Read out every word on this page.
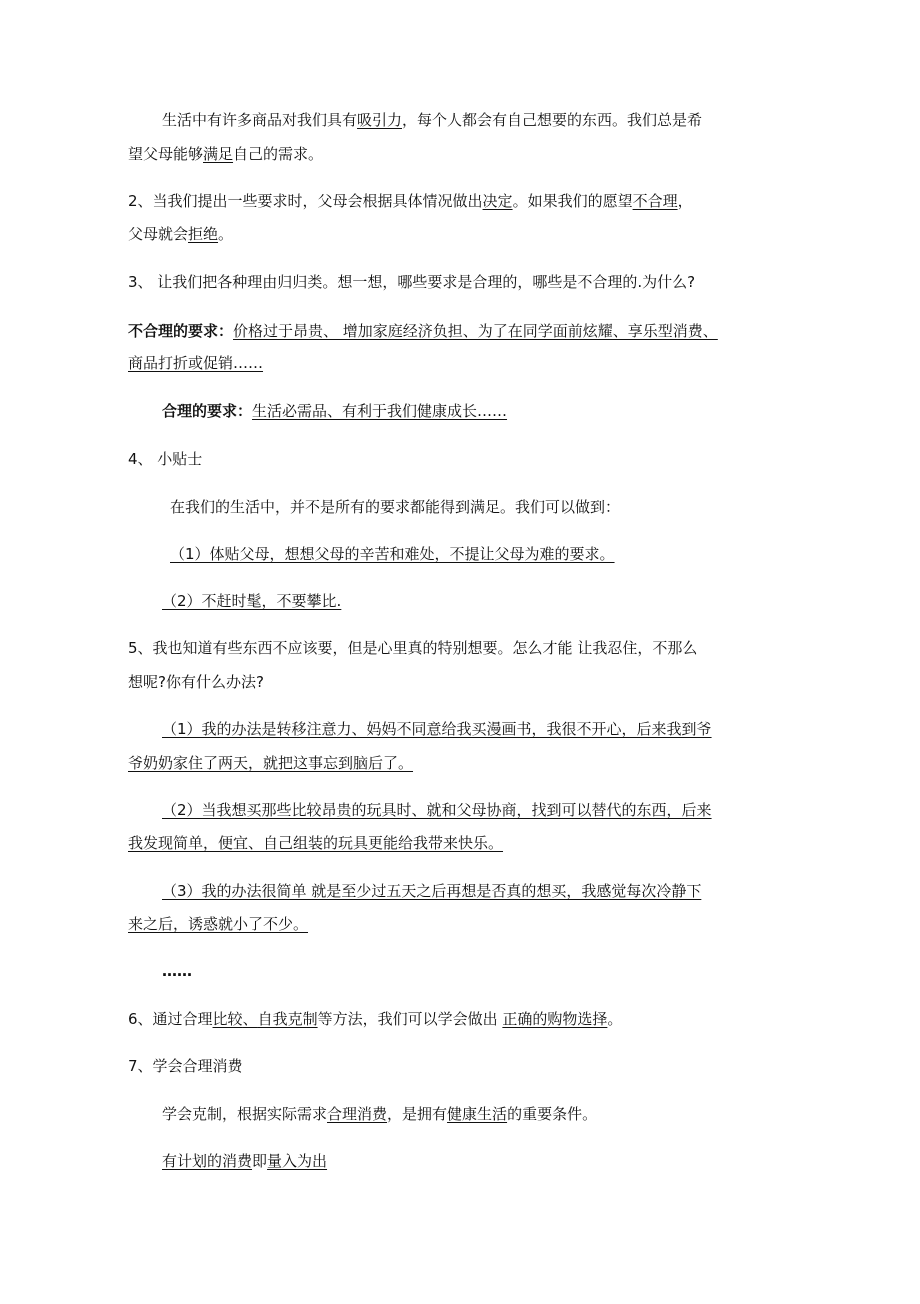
生活中有许多商品对我们具有吸引力，每个人都会有自己想要的东西。我们总是希
望父母能够满足自己的需求。
2、当我们提出一些要求时，父母会根据具体情况做出决定。如果我们的愿望不合理，
父母就会拒绝。
3、 让我们把各种理由归归类。想一想，哪些要求是合理的，哪些是不合理的.为什么?
不合理的要求：价格过于昂贵、 增加家庭经济负担、为了在同学面前炫耀、享乐型消费、
商品打折或促销……
合理的要求：生活必需品、有利于我们健康成长……
4、 小贴士
在我们的生活中，并不是所有的要求都能得到满足。我们可以做到：
（1）体贴父母，想想父母的辛苦和难处，不提让父母为难的要求。
（2）不赶时髦，不要攀比.
5、我也知道有些东西不应该要，但是心里真的特别想要。怎么才能 让我忍住，不那么
想呢?你有什么办法?
（1）我的办法是转移注意力、妈妈不同意给我买漫画书，我很不开心，后来我到爷
爷奶奶家住了两天，就把这事忘到脑后了。
（2）当我想买那些比较昂贵的玩具时、就和父母协商，找到可以替代的东西，后来
我发现简单，便宜、自己组装的玩具更能给我带来快乐。
（3）我的办法很简单 就是至少过五天之后再想是否真的想买，我感觉每次冷静下
来之后，诱惑就小了不少。
……
6、通过合理比较、自我克制等方法，我们可以学会做出 正确的购物选择。
7、学会合理消费
学会克制，根据实际需求合理消费，是拥有健康生活的重要条件。
有计划的消费即量入为出
